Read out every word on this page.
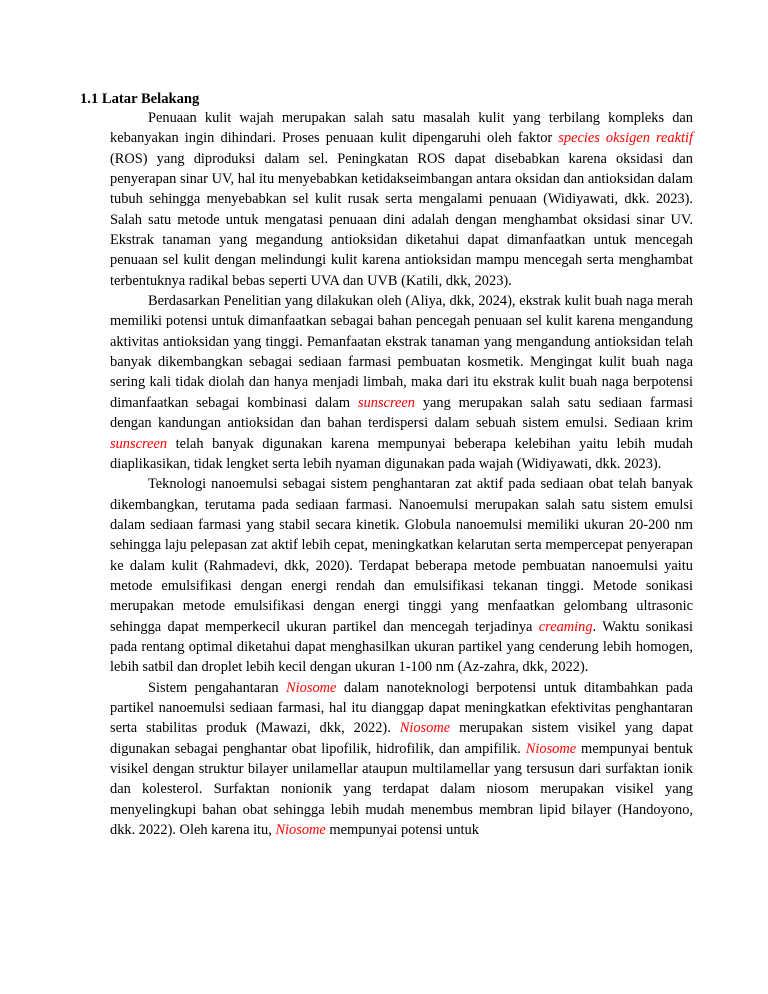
1.1 Latar Belakang

Penuaan kulit wajah merupakan salah satu masalah kulit yang terbilang kompleks dan kebanyakan ingin dihindari. Proses penuaan kulit dipengaruhi oleh faktor species oksigen reaktif (ROS) yang diproduksi dalam sel. Peningkatan ROS dapat disebabkan karena oksidasi dan penyerapan sinar UV, hal itu menyebabkan ketidakseimbangan antara oksidan dan antioksidan dalam tubuh sehingga menyebabkan sel kulit rusak serta mengalami penuaan (Widiyawati, dkk. 2023). Salah satu metode untuk mengatasi penuaan dini adalah dengan menghambat oksidasi sinar UV. Ekstrak tanaman yang megandung antioksidan diketahui dapat dimanfaatkan untuk mencegah penuaan sel kulit dengan melindungi kulit karena antioksidan mampu mencegah serta menghambat terbentuknya radikal bebas seperti UVA dan UVB (Katili, dkk, 2023).

Berdasarkan Penelitian yang dilakukan oleh (Aliya, dkk, 2024), ekstrak kulit buah naga merah memiliki potensi untuk dimanfaatkan sebagai bahan pencegah penuaan sel kulit karena mengandung aktivitas antioksidan yang tinggi. Pemanfaatan ekstrak tanaman yang mengandung antioksidan telah banyak dikembangkan sebagai sediaan farmasi pembuatan kosmetik. Mengingat kulit buah naga sering kali tidak diolah dan hanya menjadi limbah, maka dari itu ekstrak kulit buah naga berpotensi dimanfaatkan sebagai kombinasi dalam sunscreen yang merupakan salah satu sediaan farmasi dengan kandungan antioksidan dan bahan terdispersi dalam sebuah sistem emulsi. Sediaan krim sunscreen telah banyak digunakan karena mempunyai beberapa kelebihan yaitu lebih mudah diaplikasikan, tidak lengket serta lebih nyaman digunakan pada wajah (Widiyawati, dkk. 2023).

Teknologi nanoemulsi sebagai sistem penghantaran zat aktif pada sediaan obat telah banyak dikembangkan, terutama pada sediaan farmasi. Nanoemulsi merupakan salah satu sistem emulsi dalam sediaan farmasi yang stabil secara kinetik. Globula nanoemulsi memiliki ukuran 20-200 nm sehingga laju pelepasan zat aktif lebih cepat, meningkatkan kelarutan serta mempercepat penyerapan ke dalam kulit (Rahmadevi, dkk, 2020). Terdapat beberapa metode pembuatan nanoemulsi yaitu metode emulsifikasi dengan energi rendah dan emulsifikasi tekanan tinggi. Metode sonikasi merupakan metode emulsifikasi dengan energi tinggi yang menfaatkan gelombang ultrasonic sehingga dapat memperkecil ukuran partikel dan mencegah terjadinya creaming. Waktu sonikasi pada rentang optimal diketahui dapat menghasilkan ukuran partikel yang cenderung lebih homogen, lebih satbil dan droplet lebih kecil dengan ukuran 1-100 nm (Az-zahra, dkk, 2022).

Sistem pengahantaran Niosome dalam nanoteknologi berpotensi untuk ditambahkan pada partikel nanoemulsi sediaan farmasi, hal itu dianggap dapat meningkatkan efektivitas penghantaran serta stabilitas produk (Mawazi, dkk, 2022). Niosome merupakan sistem visikel yang dapat digunakan sebagai penghantar obat lipofilik, hidrofilik, dan ampifilik. Niosome mempunyai bentuk visikel dengan struktur bilayer unilamellar ataupun multilamellar yang tersusun dari surfaktan ionik dan kolesterol. Surfaktan nonionik yang terdapat dalam niosom merupakan visikel yang menyelingkupi bahan obat sehingga lebih mudah menembus membran lipid bilayer (Handoyono, dkk. 2022). Oleh karena itu, Niosome mempunyai potensi untuk
